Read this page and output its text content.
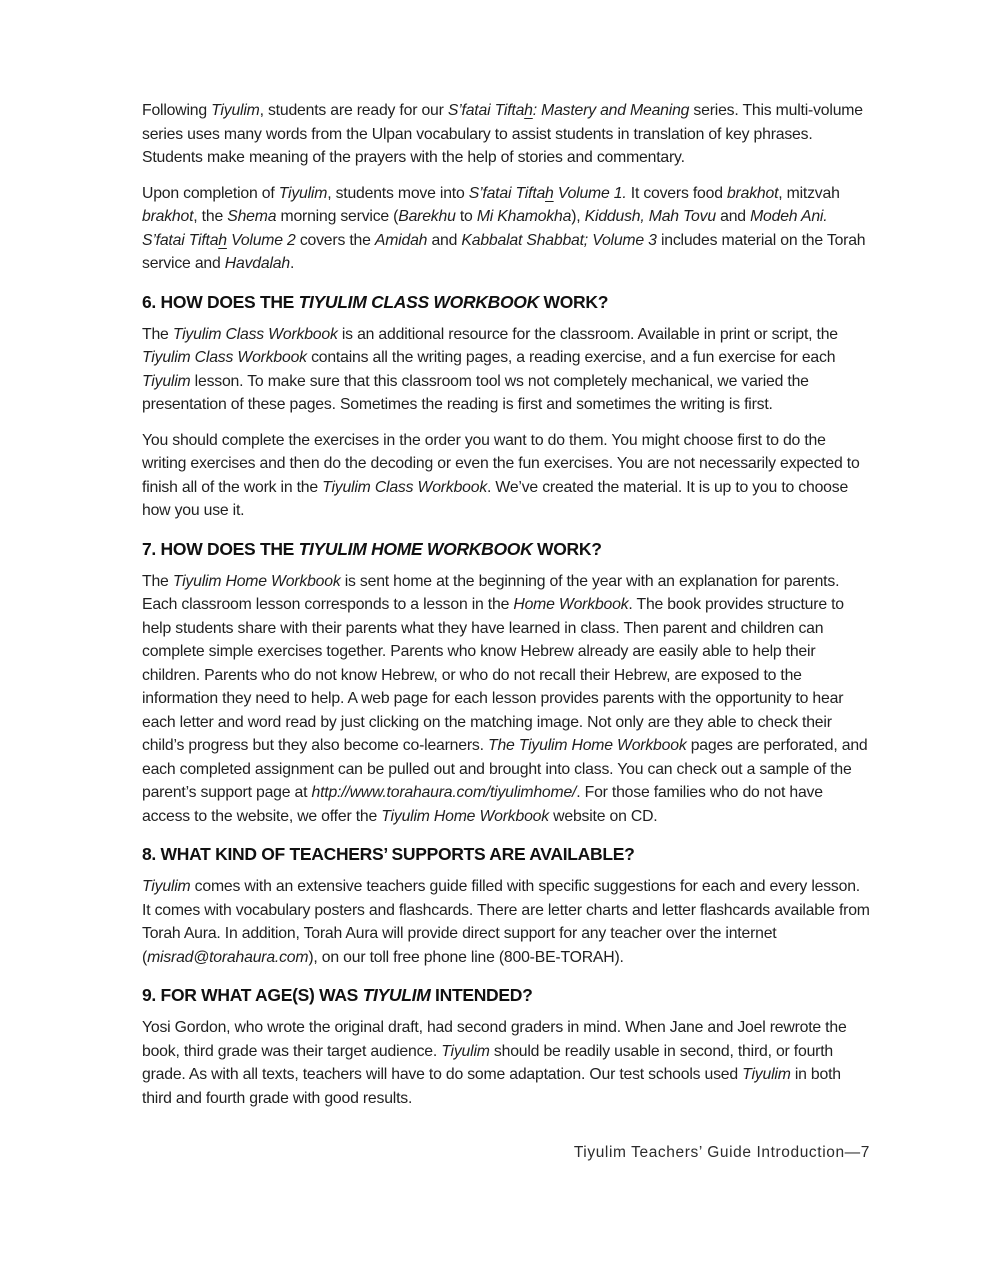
Following Tiyulim, students are ready for our S’fatai Tiftah: Mastery and Meaning series. This multi-volume series uses many words from the Ulpan vocabulary to assist students in translation of key phrases. Students make meaning of the prayers with the help of stories and commentary.

Upon completion of Tiyulim, students move into S’fatai Tiftah Volume 1. It covers food brakhot, mitzvah brakhot, the Shema morning service (Barekhu to Mi Khamokha), Kiddush, Mah Tovu and Modeh Ani. S’fatai Tiftah Volume 2 covers the Amidah and Kabbalat Shabbat; Volume 3 includes material on the Torah service and Havdalah.

6. HOW DOES THE TIYULIM CLASS WORKBOOK WORK?

The Tiyulim Class Workbook is an additional resource for the classroom. Available in print or script, the Tiyulim Class Workbook contains all the writing pages, a reading exercise, and a fun exercise for each Tiyulim lesson. To make sure that this classroom tool ws not completely mechanical, we varied the presentation of these pages. Sometimes the reading is first and sometimes the writing is first.

You should complete the exercises in the order you want to do them. You might choose first to do the writing exercises and then do the decoding or even the fun exercises. You are not necessarily expected to finish all of the work in the Tiyulim Class Workbook. We’ve created the material. It is up to you to choose how you use it.

7. HOW DOES THE TIYULIM HOME WORKBOOK WORK?

The Tiyulim Home Workbook is sent home at the beginning of the year with an explanation for parents. Each classroom lesson corresponds to a lesson in the Home Workbook. The book provides structure to help students share with their parents what they have learned in class. Then parent and children can complete simple exercises together. Parents who know Hebrew already are easily able to help their children. Parents who do not know Hebrew, or who do not recall their Hebrew, are exposed to the information they need to help. A web page for each lesson provides parents with the opportunity to hear each letter and word read by just clicking on the matching image. Not only are they able to check their child’s progress but they also become co-learners. The Tiyulim Home Workbook pages are perforated, and each completed assignment can be pulled out and brought into class. You can check out a sample of the parent’s support page at http://www.torahaura.com/tiyulimhome/. For those families who do not have access to the website, we offer the Tiyulim Home Workbook website on CD.

8. WHAT KIND OF TEACHERS’ SUPPORTS ARE AVAILABLE?

Tiyulim comes with an extensive teachers guide filled with specific suggestions for each and every lesson. It comes with vocabulary posters and flashcards. There are letter charts and letter flashcards available from Torah Aura. In addition, Torah Aura will provide direct support for any teacher over the internet (misrad@torahaura.com), on our toll free phone line (800-BE-TORAH).

9. FOR WHAT AGE(S) WAS TIYULIM INTENDED?

Yosi Gordon, who wrote the original draft, had second graders in mind. When Jane and Joel rewrote the book, third grade was their target audience. Tiyulim should be readily usable in second, third, or fourth grade. As with all texts, teachers will have to do some adaptation. Our test schools used Tiyulim in both third and fourth grade with good results.

Tiyulim Teachers’ Guide Introduction—7
